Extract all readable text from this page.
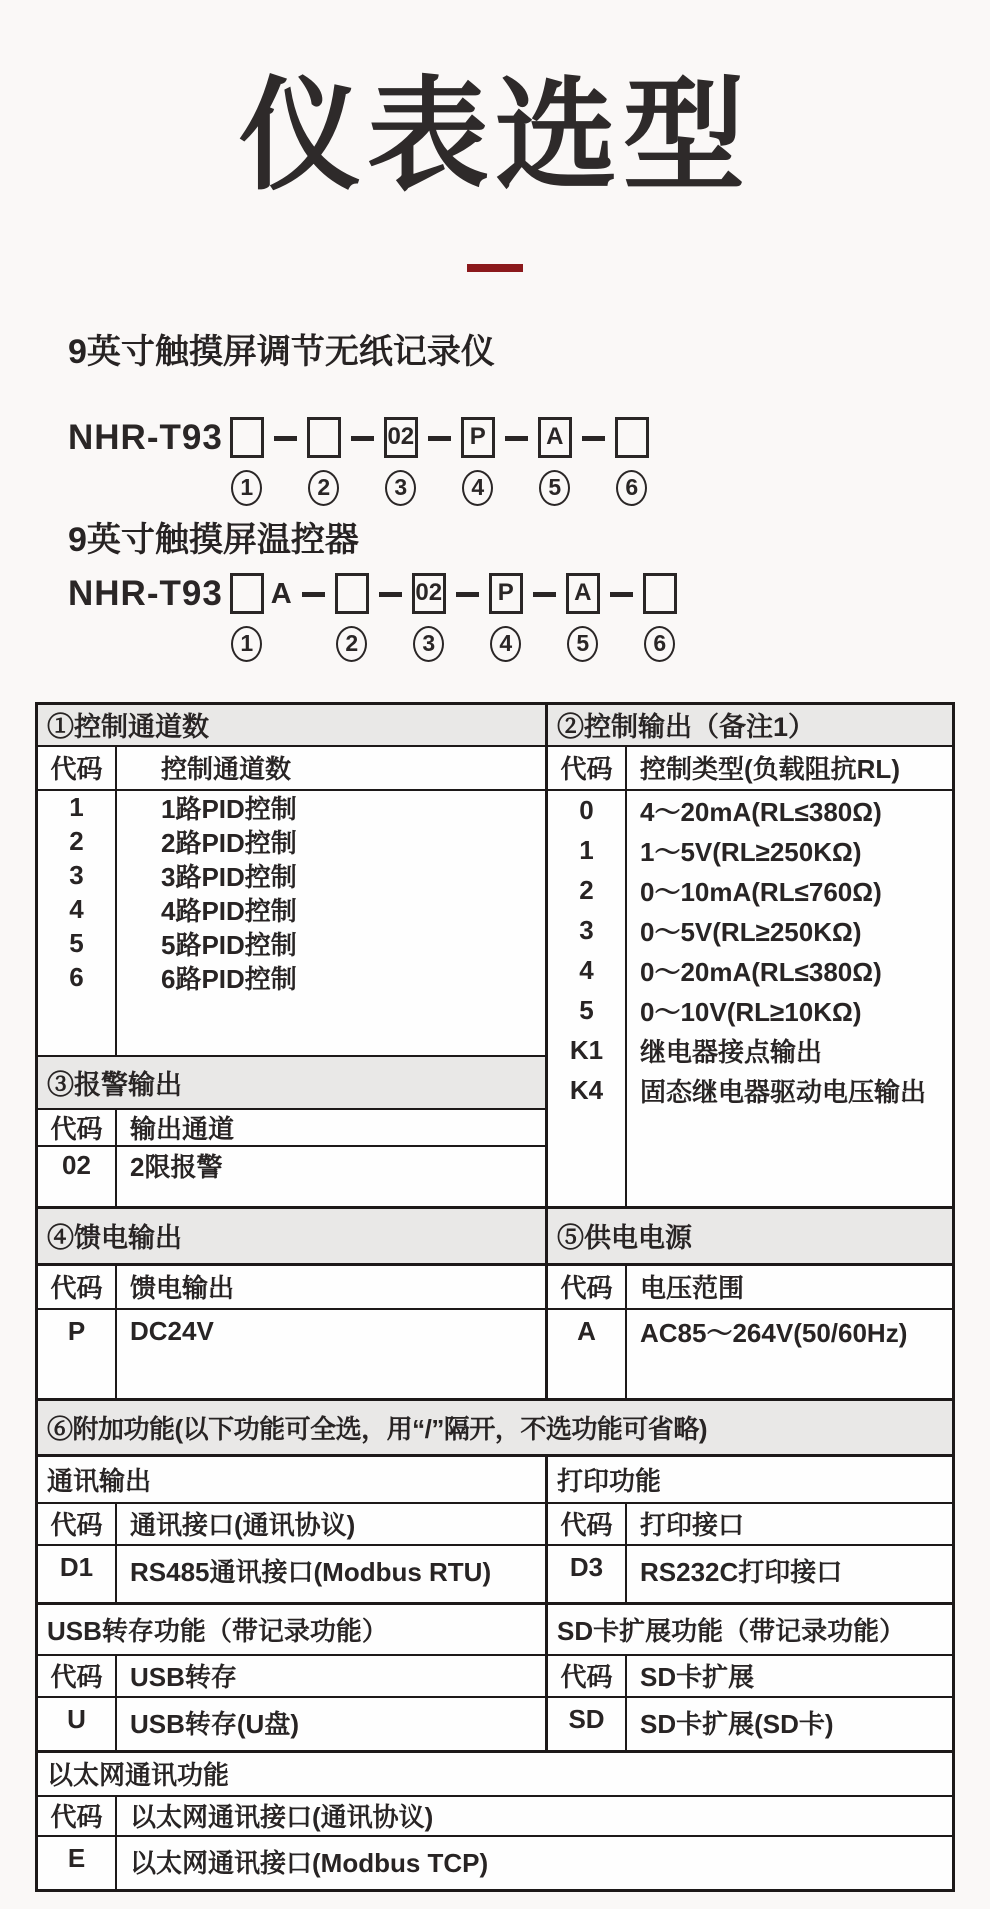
仪表选型
9英寸触摸屏调节无纸记录仪
NHR-T93
1	2
02
3
P
4
A
5	6
9英寸触摸屏温控器
NHR-T93
1
A
2
02
3
P
4
A
5	6
①控制通道数
代码	控制通道数
1	1路PID控制
2	2路PID控制
3	3路PID控制
4	4路PID控制
5	5路PID控制
6	6路PID控制
③报警输出
代码	输出通道
02	2限报警
②控制输出（备注1）
代码	控制类型(负载阻抗RL)
0	4～20mA(RL≤380Ω)
1	1～5V(RL≥250KΩ)
2	0～10mA(RL≤760Ω)
3	0～5V(RL≥250KΩ)
4	0～20mA(RL≤380Ω)
5	0～10V(RL≥10KΩ)
K1	继电器接点输出
K4	固态继电器驱动电压输出
④馈电输出
代码	馈电输出
P	DC24V
⑤供电电源
代码	电压范围
A	AC85～264V(50/60Hz)
⑥附加功能(以下功能可全选，用“/”隔开，不选功能可省略)
通讯输出
代码	通讯接口(通讯协议)
D1	RS485通讯接口(Modbus RTU)
打印功能
代码	打印接口
D3	RS232C打印接口
USB转存功能（带记录功能）
代码	USB转存
U	USB转存(U盘)
SD卡扩展功能（带记录功能）
代码	SD卡扩展
SD	SD卡扩展(SD卡)
以太网通讯功能
代码	以太网通讯接口(通讯协议)
E	以太网通讯接口(Modbus TCP)
